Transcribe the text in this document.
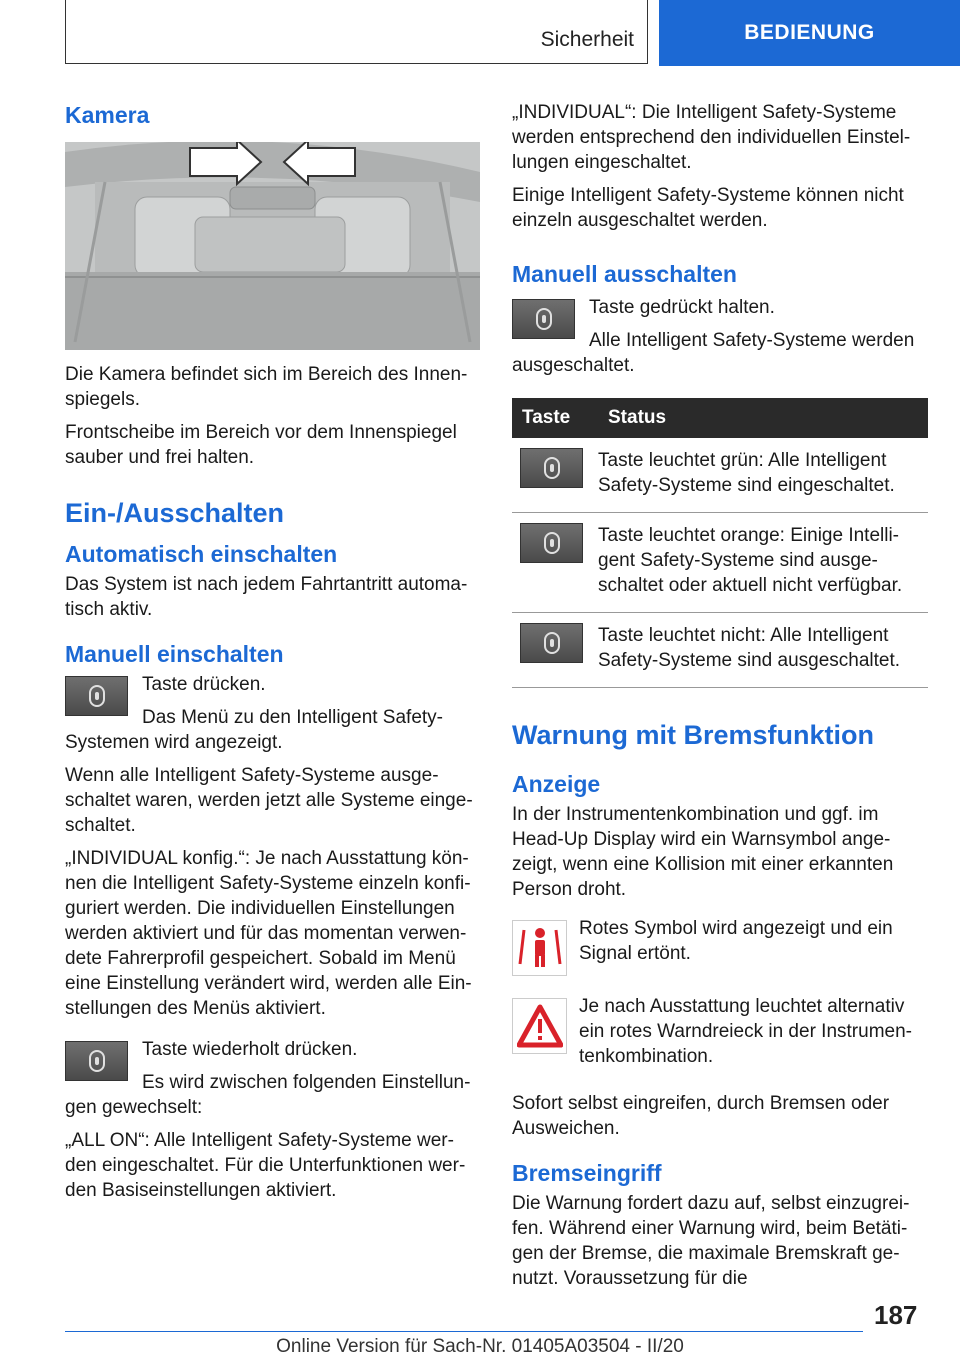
Sicherheit	BEDIENUNG
Kamera

Die Kamera befindet sich im Bereich des Innen-spiegels.

Frontscheibe im Bereich vor dem Innenspiegel sauber und frei halten.

Ein-/Ausschalten
Automatisch einschalten

Das System ist nach jedem Fahrtantritt automa-tisch aktiv.

Manuell einschalten

Taste drücken.

Das Menü zu den Intelligent Safety-Systemen wird angezeigt.

Wenn alle Intelligent Safety-Systeme ausge-schaltet waren, werden jetzt alle Systeme einge-schaltet.

„INDIVIDUAL konfig.“: Je nach Ausstattung kön-nen die Intelligent Safety-Systeme einzeln konfi-guriert werden. Die individuellen Einstellungen werden aktiviert und für das momentan verwen-dete Fahrerprofil gespeichert. Sobald im Menü eine Einstellung verändert wird, werden alle Ein-stellungen des Menüs aktiviert.

Taste wiederholt drücken.

Es wird zwischen folgenden Einstellun-gen gewechselt:

„ALL ON“: Alle Intelligent Safety-Systeme wer-den eingeschaltet. Für die Unterfunktionen wer-den Basiseinstellungen aktiviert.

„INDIVIDUAL“: Die Intelligent Safety-Systeme werden entsprechend den individuellen Einstel-lungen eingeschaltet.

Einige Intelligent Safety-Systeme können nicht einzeln ausgeschaltet werden.

Manuell ausschalten

Taste gedrückt halten.

Alle Intelligent Safety-Systeme werden ausgeschaltet.

Taste	Status

	Taste leuchtet grün: Alle Intelligent Safety-Systeme sind eingeschaltet.

	Taste leuchtet orange: Einige Intelli-gent Safety-Systeme sind ausge-schaltet oder aktuell nicht verfügbar.

	Taste leuchtet nicht: Alle Intelligent Safety-Systeme sind ausgeschaltet.
Warnung mit Bremsfunktion
Anzeige

In der Instrumentenkombination und ggf. im Head-Up Display wird ein Warnsymbol ange-zeigt, wenn eine Kollision mit einer erkannten Person droht.

Rotes Symbol wird angezeigt und ein Signal ertönt.

Je nach Ausstattung leuchtet alternativ ein rotes Warndreieck in der Instrumen-tenkombination.

Sofort selbst eingreifen, durch Bremsen oder Ausweichen.

Bremseingriff

Die Warnung fordert dazu auf, selbst einzugrei-fen. Während einer Warnung wird, beim Betäti-gen der Bremse, die maximale Bremskraft ge-nutzt. Voraussetzung für die

187
Online Version für Sach-Nr. 01405A03504 - II/20
